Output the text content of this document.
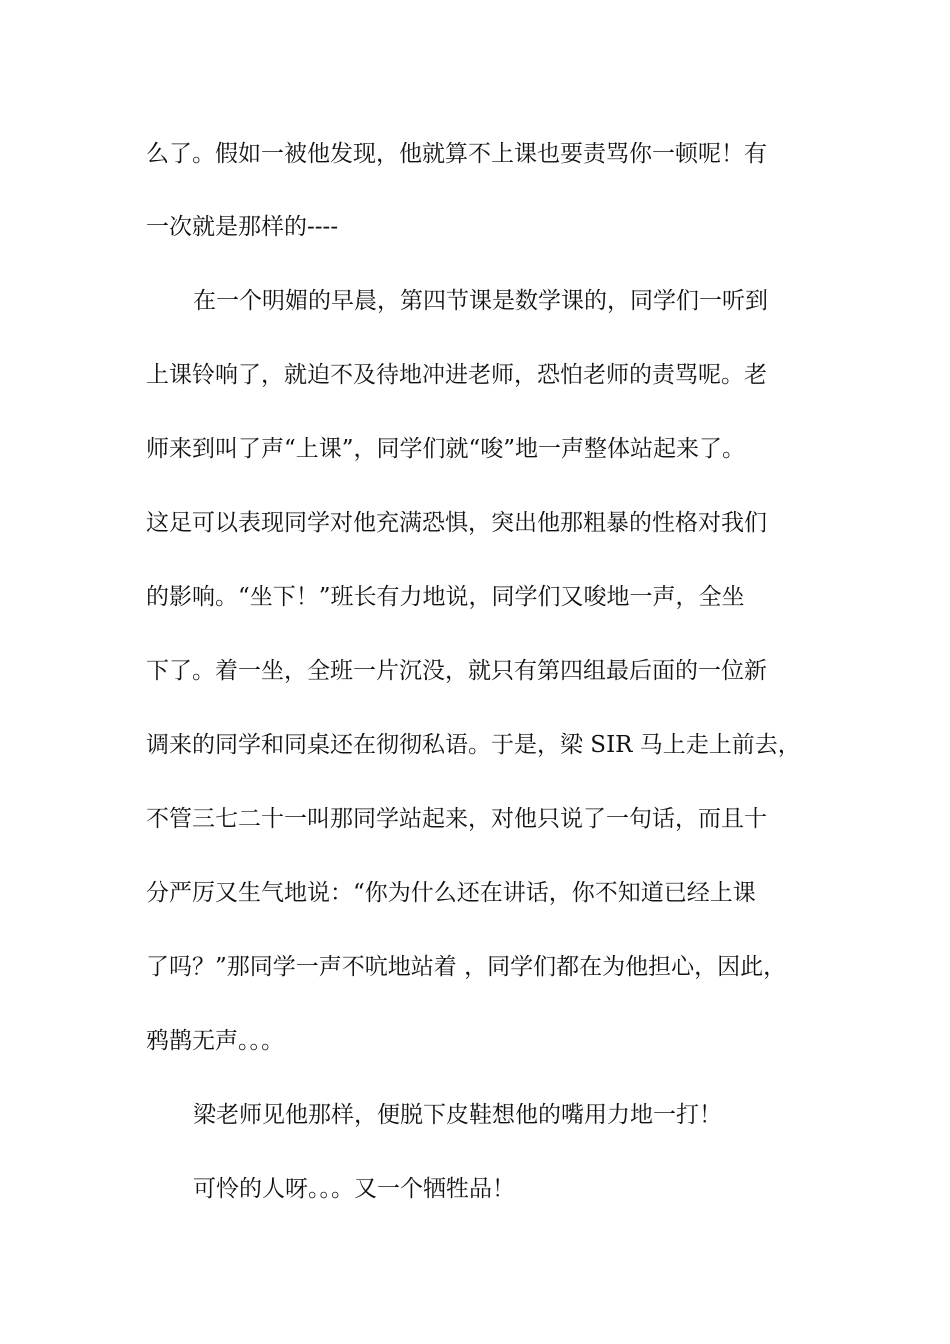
么了。假如一被他发现，他就算不上课也要责骂你一顿呢！有
一次就是那样的----
在一个明媚的早晨，第四节课是数学课的，同学们一听到
上课铃响了，就迫不及待地冲进老师，恐怕老师的责骂呢。老
师来到叫了声“上课”，同学们就“唆”地一声整体站起来了。
这足可以表现同学对他充满恐惧，突出他那粗暴的性格对我们
的影响。“坐下！”班长有力地说，同学们又唆地一声，全坐
下了。着一坐，全班一片沉没，就只有第四组最后面的一位新
调来的同学和同桌还在彻彻私语。于是，梁 SIR 马上走上前去，
不管三七二十一叫那同学站起来，对他只说了一句话，而且十
分严厉又生气地说：“你为什么还在讲话，你不知道已经上课
了吗？”那同学一声不吭地站着 ，同学们都在为他担心，因此，
鸦鹊无声。。。
梁老师见他那样，便脱下皮鞋想他的嘴用力地一打！
可怜的人呀。。。又一个牺牲品！
